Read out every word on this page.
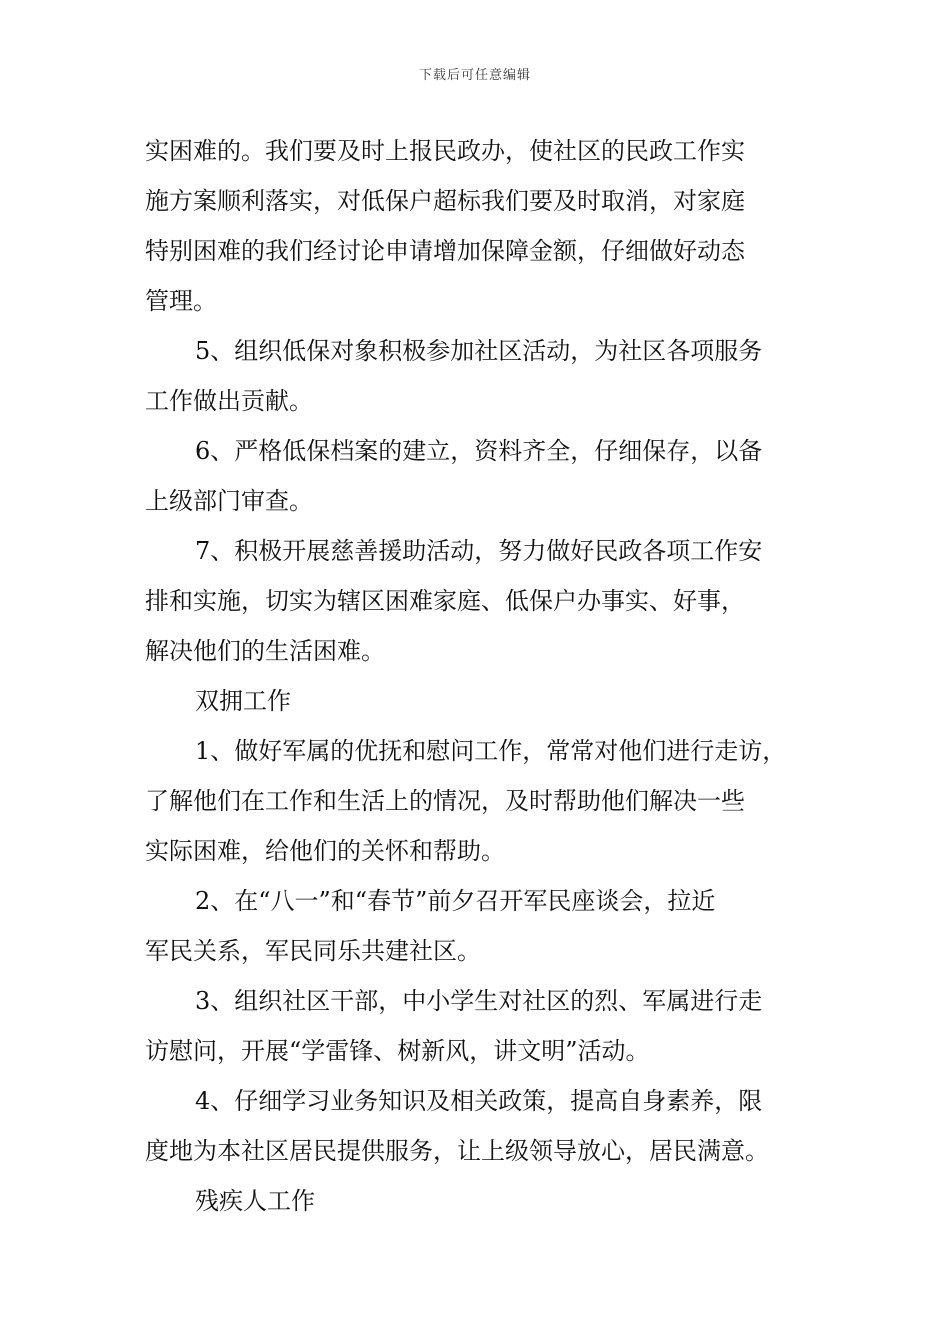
下载后可任意编辑
实困难的。我们要及时上报民政办，使社区的民政工作实
施方案顺利落实，对低保户超标我们要及时取消，对家庭
特别困难的我们经讨论申请增加保障金额，仔细做好动态
管理。
5、组织低保对象积极参加社区活动，为社区各项服务
工作做出贡献。
6、严格低保档案的建立，资料齐全，仔细保存，以备
上级部门审查。
7、积极开展慈善援助活动，努力做好民政各项工作安
排和实施，切实为辖区困难家庭、低保户办事实、好事，
解决他们的生活困难。
双拥工作
1、做好军属的优抚和慰问工作，常常对他们进行走访，
了解他们在工作和生活上的情况，及时帮助他们解决一些
实际困难，给他们的关怀和帮助。
2、在“八一”和“春节”前夕召开军民座谈会，拉近
军民关系，军民同乐共建社区。
3、组织社区干部，中小学生对社区的烈、军属进行走
访慰问，开展“学雷锋、树新风，讲文明”活动。
4、仔细学习业务知识及相关政策，提高自身素养，限
度地为本社区居民提供服务，让上级领导放心，居民满意。
残疾人工作
